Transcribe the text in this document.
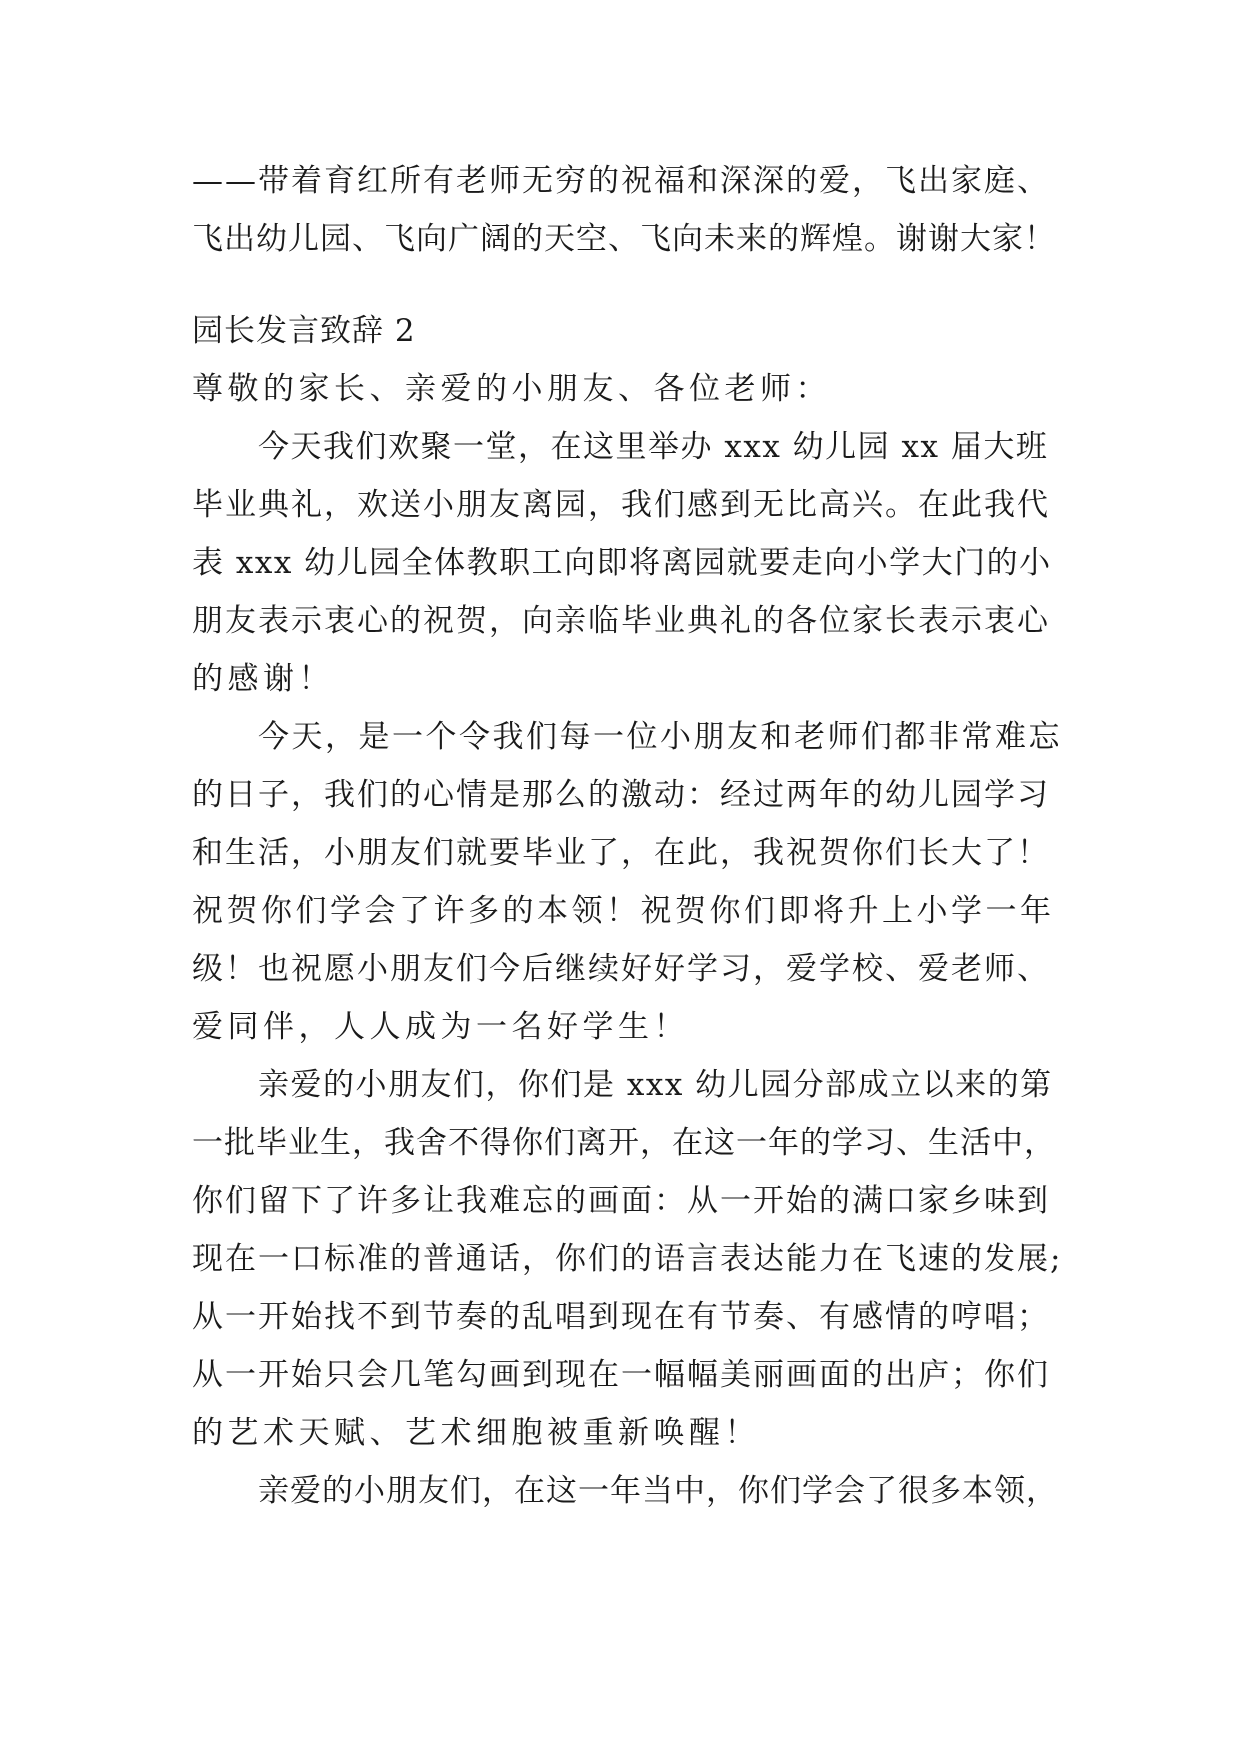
——带着育红所有老师无穷的祝福和深深的爱，飞出家庭、
飞出幼儿园、飞向广阔的天空、飞向未来的辉煌。谢谢大家！
园长发言致辞 2
尊敬的家长、亲爱的小朋友、各位老师：
今天我们欢聚一堂，在这里举办 xxx 幼儿园 xx 届大班
毕业典礼，欢送小朋友离园，我们感到无比高兴。在此我代
表 xxx 幼儿园全体教职工向即将离园就要走向小学大门的小
朋友表示衷心的祝贺，向亲临毕业典礼的各位家长表示衷心
的感谢！
今天，是一个令我们每一位小朋友和老师们都非常难忘
的日子，我们的心情是那么的激动：经过两年的幼儿园学习
和生活，小朋友们就要毕业了，在此，我祝贺你们长大了！
祝贺你们学会了许多的本领！祝贺你们即将升上小学一年
级！也祝愿小朋友们今后继续好好学习，爱学校、爱老师、
爱同伴，人人成为一名好学生！
亲爱的小朋友们，你们是 xxx 幼儿园分部成立以来的第
一批毕业生，我舍不得你们离开，在这一年的学习、生活中，
你们留下了许多让我难忘的画面：从一开始的满口家乡味到
现在一口标准的普通话，你们的语言表达能力在飞速的发展;
从一开始找不到节奏的乱唱到现在有节奏、有感情的哼唱；
从一开始只会几笔勾画到现在一幅幅美丽画面的出庐；你们
的艺术天赋、艺术细胞被重新唤醒！
亲爱的小朋友们，在这一年当中，你们学会了很多本领，
